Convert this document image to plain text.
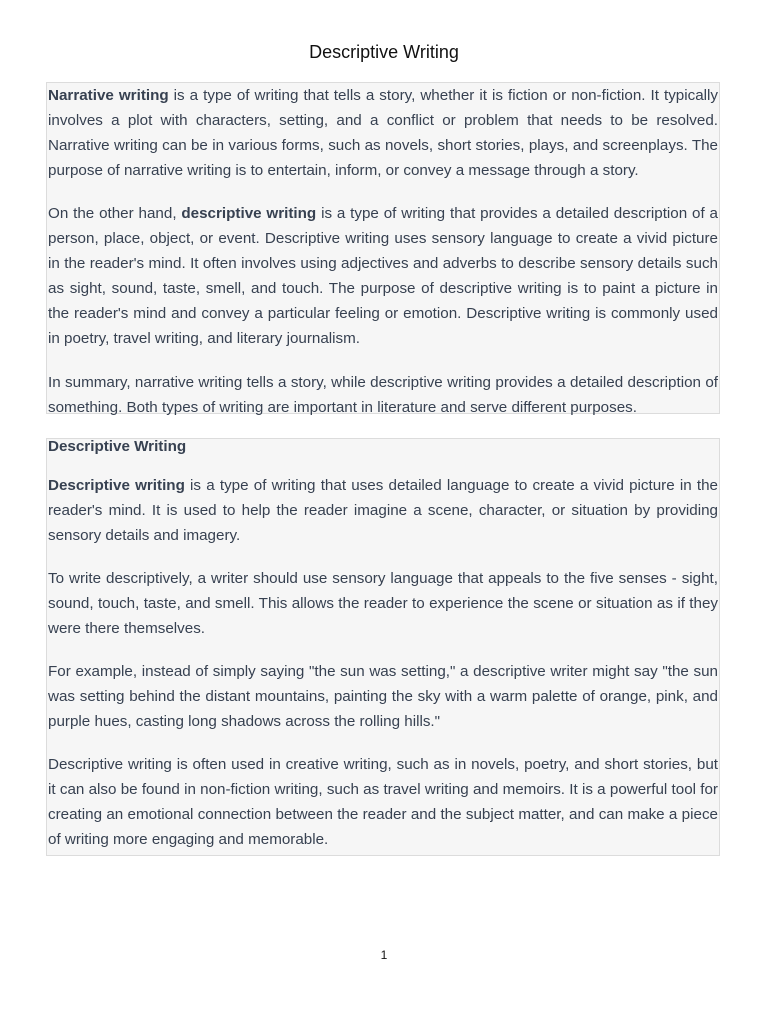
Descriptive Writing

Narrative writing is a type of writing that tells a story, whether it is fiction or non-fiction. It typically involves a plot with characters, setting, and a conflict or problem that needs to be resolved. Narrative writing can be in various forms, such as novels, short stories, plays, and screenplays. The purpose of narrative writing is to entertain, inform, or convey a message through a story.

On the other hand, descriptive writing is a type of writing that provides a detailed description of a person, place, object, or event. Descriptive writing uses sensory language to create a vivid picture in the reader's mind. It often involves using adjectives and adverbs to describe sensory details such as sight, sound, taste, smell, and touch. The purpose of descriptive writing is to paint a picture in the reader's mind and convey a particular feeling or emotion. Descriptive writing is commonly used in poetry, travel writing, and literary journalism.

In summary, narrative writing tells a story, while descriptive writing provides a detailed description of something. Both types of writing are important in literature and serve different purposes.

Descriptive Writing

Descriptive writing is a type of writing that uses detailed language to create a vivid picture in the reader's mind. It is used to help the reader imagine a scene, character, or situation by providing sensory details and imagery.

To write descriptively, a writer should use sensory language that appeals to the five senses - sight, sound, touch, taste, and smell. This allows the reader to experience the scene or situation as if they were there themselves.

For example, instead of simply saying "the sun was setting," a descriptive writer might say "the sun was setting behind the distant mountains, painting the sky with a warm palette of orange, pink, and purple hues, casting long shadows across the rolling hills."

Descriptive writing is often used in creative writing, such as in novels, poetry, and short stories, but it can also be found in non-fiction writing, such as travel writing and memoirs. It is a powerful tool for creating an emotional connection between the reader and the subject matter, and can make a piece of writing more engaging and memorable.

1
